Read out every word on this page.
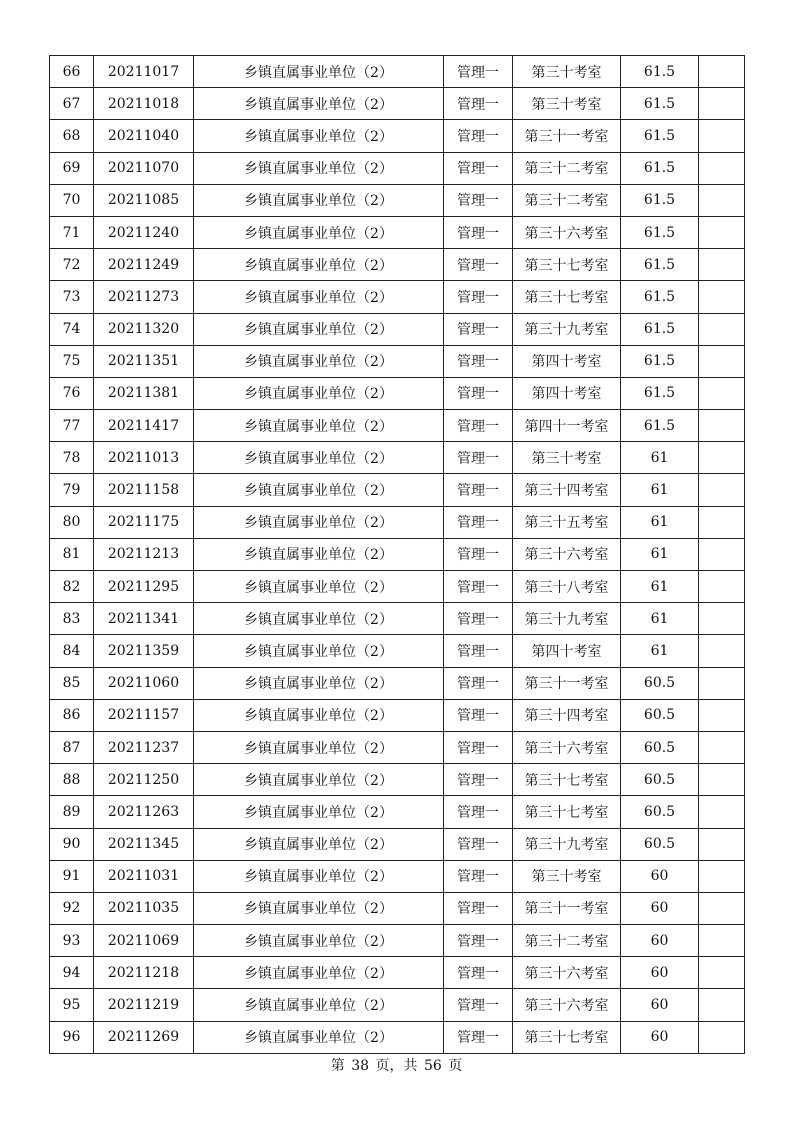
66	20211017	乡镇直属事业单位（2）	管理一	第三十考室	61.5	
67	20211018	乡镇直属事业单位（2）	管理一	第三十考室	61.5	
68	20211040	乡镇直属事业单位（2）	管理一	第三十一考室	61.5	
69	20211070	乡镇直属事业单位（2）	管理一	第三十二考室	61.5	
70	20211085	乡镇直属事业单位（2）	管理一	第三十二考室	61.5	
71	20211240	乡镇直属事业单位（2）	管理一	第三十六考室	61.5	
72	20211249	乡镇直属事业单位（2）	管理一	第三十七考室	61.5	
73	20211273	乡镇直属事业单位（2）	管理一	第三十七考室	61.5	
74	20211320	乡镇直属事业单位（2）	管理一	第三十九考室	61.5	
75	20211351	乡镇直属事业单位（2）	管理一	第四十考室	61.5	
76	20211381	乡镇直属事业单位（2）	管理一	第四十考室	61.5	
77	20211417	乡镇直属事业单位（2）	管理一	第四十一考室	61.5	
78	20211013	乡镇直属事业单位（2）	管理一	第三十考室	61	
79	20211158	乡镇直属事业单位（2）	管理一	第三十四考室	61	
80	20211175	乡镇直属事业单位（2）	管理一	第三十五考室	61	
81	20211213	乡镇直属事业单位（2）	管理一	第三十六考室	61	
82	20211295	乡镇直属事业单位（2）	管理一	第三十八考室	61	
83	20211341	乡镇直属事业单位（2）	管理一	第三十九考室	61	
84	20211359	乡镇直属事业单位（2）	管理一	第四十考室	61	
85	20211060	乡镇直属事业单位（2）	管理一	第三十一考室	60.5	
86	20211157	乡镇直属事业单位（2）	管理一	第三十四考室	60.5	
87	20211237	乡镇直属事业单位（2）	管理一	第三十六考室	60.5	
88	20211250	乡镇直属事业单位（2）	管理一	第三十七考室	60.5	
89	20211263	乡镇直属事业单位（2）	管理一	第三十七考室	60.5	
90	20211345	乡镇直属事业单位（2）	管理一	第三十九考室	60.5	
91	20211031	乡镇直属事业单位（2）	管理一	第三十考室	60	
92	20211035	乡镇直属事业单位（2）	管理一	第三十一考室	60	
93	20211069	乡镇直属事业单位（2）	管理一	第三十二考室	60	
94	20211218	乡镇直属事业单位（2）	管理一	第三十六考室	60	
95	20211219	乡镇直属事业单位（2）	管理一	第三十六考室	60	
96	20211269	乡镇直属事业单位（2）	管理一	第三十七考室	60	
第 38 页，共 56 页
